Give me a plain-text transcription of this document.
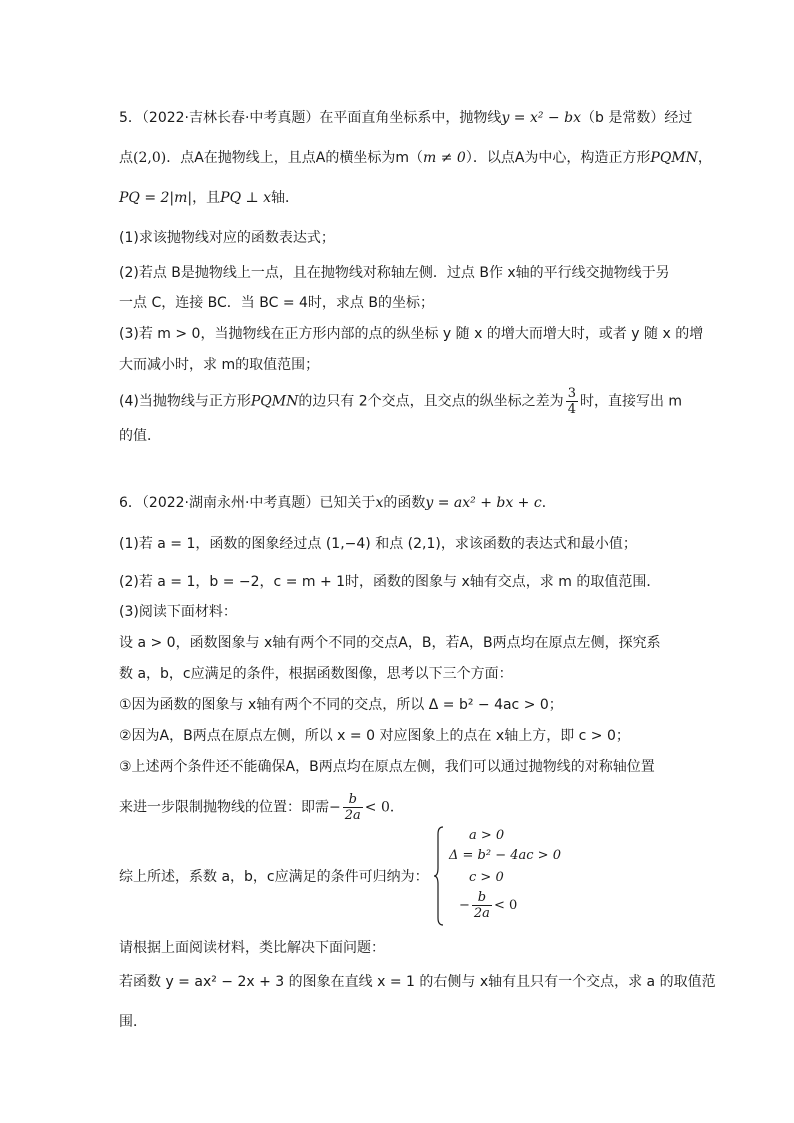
5．（2022·吉林长春·中考真题）在平面直角坐标系中，抛物线y = x² − bx（b 是常数）经过
点(2,0)．点A在抛物线上，且点A的横坐标为m（m ≠ 0）．以点A为中心，构造正方形PQMN，
PQ = 2|m|，且PQ ⊥ x轴．
(1)求该抛物线对应的函数表达式；
(2)若点 B是抛物线上一点，且在抛物线对称轴左侧．过点 B作 x轴的平行线交抛物线于另
一点 C，连接 BC．当 BC = 4时，求点 B的坐标；
(3)若 m > 0，当抛物线在正方形内部的点的纵坐标 y 随 x 的增大而增大时，或者 y 随 x 的增
大而减小时，求 m的取值范围；
(4)当抛物线与正方形PQMN的边只有 2个交点，且交点的纵坐标之差为 $\frac{3}{4}$ 时，直接写出 m
的值．
6．（2022·湖南永州·中考真题）已知关于x的函数y = ax² + bx + c．
(1)若 a = 1，函数的图象经过点 (1,−4) 和点 (2,1)，求该函数的表达式和最小值；
(2)若 a = 1，b = −2，c = m + 1时，函数的图象与 x轴有交点，求 m 的取值范围．
(3)阅读下面材料：
设 a > 0，函数图象与 x轴有两个不同的交点A，B，若A，B两点均在原点左侧，探究系
数 a，b，c应满足的条件，根据函数图像，思考以下三个方面：
①因为函数的图象与 x轴有两个不同的交点，所以 Δ = b² − 4ac > 0；
②因为A，B两点在原点左侧，所以 x = 0 对应图象上的点在 x轴上方，即 c > 0；
③上述两个条件还不能确保A，B两点均在原点左侧，我们可以通过抛物线的对称轴位置
来进一步限制抛物线的位置：即需− $\frac{b}{2a} < 0$．
综上所述，系数 a，b，c应满足的条件可归纳为：
a > 0
Δ = b² − 4ac > 0
c > 0
− $\frac{b}{2a} < 0$
请根据上面阅读材料，类比解决下面问题：
若函数 y = ax² − 2x + 3 的图象在直线 x = 1 的右侧与 x轴有且只有一个交点，求 a 的取值范
围．
